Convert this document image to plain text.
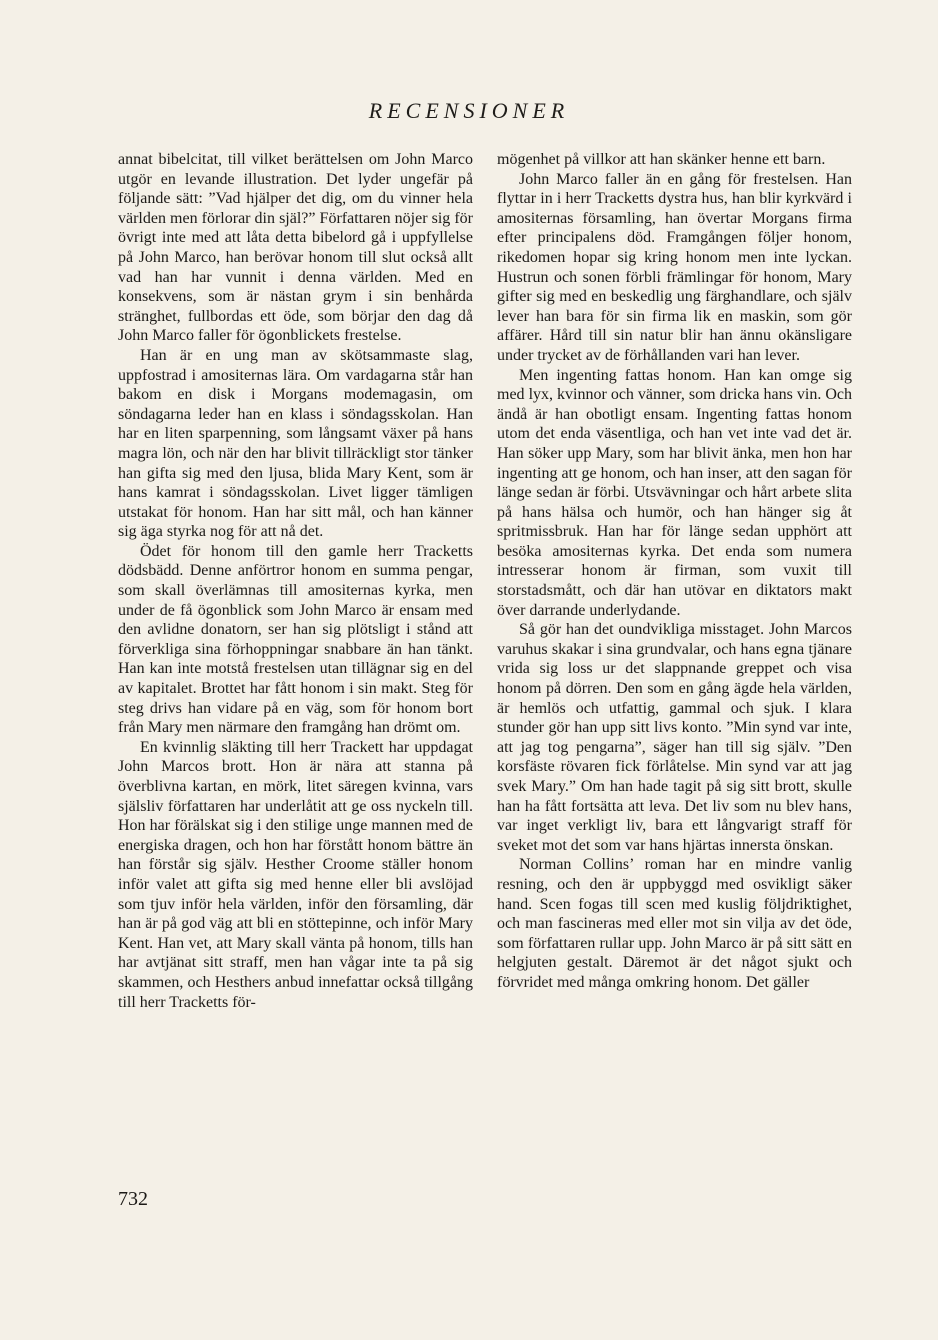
RECENSIONER

annat bibelcitat, till vilket berättelsen om John Marco utgör en levande illustration. Det lyder ungefär på följande sätt: ”Vad hjälper det dig, om du vinner hela världen men förlorar din själ?” Författaren nöjer sig för övrigt inte med att låta detta bibelord gå i uppfyllelse på John Marco, han berövar honom till slut också allt vad han har vunnit i denna världen. Med en konsekvens, som är nästan grym i sin benhårda stränghet, fullbordas ett öde, som börjar den dag då John Marco faller för ögonblickets frestelse.

Han är en ung man av skötsammaste slag, uppfostrad i amositernas lära. Om vardagarna står han bakom en disk i Morgans modemagasin, om söndagarna leder han en klass i söndagsskolan. Han har en liten sparpenning, som långsamt växer på hans magra lön, och när den har blivit tillräckligt stor tänker han gifta sig med den ljusa, blida Mary Kent, som är hans kamrat i söndagsskolan. Livet ligger tämligen utstakat för honom. Han har sitt mål, och han känner sig äga styrka nog för att nå det.

Ödet för honom till den gamle herr Tracketts dödsbädd. Denne anförtror honom en summa pengar, som skall överlämnas till amositernas kyrka, men under de få ögonblick som John Marco är ensam med den avlidne donatorn, ser han sig plötsligt i stånd att förverkliga sina förhoppningar snabbare än han tänkt. Han kan inte motstå frestelsen utan tillägnar sig en del av kapitalet. Brottet har fått honom i sin makt. Steg för steg drivs han vidare på en väg, som för honom bort från Mary men närmare den framgång han drömt om.

En kvinnlig släkting till herr Trackett har uppdagat John Marcos brott. Hon är nära att stanna på överblivna kartan, en mörk, litet säregen kvinna, vars själsliv författaren har underlåtit att ge oss nyckeln till. Hon har förälskat sig i den stilige unge mannen med de energiska dragen, och hon har förstått honom bättre än han förstår sig själv. Hesther Croome ställer honom inför valet att gifta sig med henne eller bli avslöjad som tjuv inför hela världen, inför den församling, där han är på god väg att bli en stöttepinne, och inför Mary Kent. Han vet, att Mary skall vänta på honom, tills han har avtjänat sitt straff, men han vågar inte ta på sig skammen, och Hesthers anbud innefattar också tillgång till herr Tracketts för-

mögenhet på villkor att han skänker henne ett barn.

John Marco faller än en gång för frestelsen. Han flyttar in i herr Tracketts dystra hus, han blir kyrkvärd i amositernas församling, han övertar Morgans firma efter principalens död. Framgången följer honom, rikedomen hopar sig kring honom men inte lyckan. Hustrun och sonen förbli främlingar för honom, Mary gifter sig med en beskedlig ung färghandlare, och själv lever han bara för sin firma lik en maskin, som gör affärer. Hård till sin natur blir han ännu okänsligare under trycket av de förhållanden vari han lever.

Men ingenting fattas honom. Han kan omge sig med lyx, kvinnor och vänner, som dricka hans vin. Och ändå är han obotligt ensam. Ingenting fattas honom utom det enda väsentliga, och han vet inte vad det är. Han söker upp Mary, som har blivit änka, men hon har ingenting att ge honom, och han inser, att den sagan för länge sedan är förbi. Utsvävningar och hårt arbete slita på hans hälsa och humör, och han hänger sig åt spritmissbruk. Han har för länge sedan upphört att besöka amositernas kyrka. Det enda som numera intresserar honom är firman, som vuxit till storstadsmått, och där han utövar en diktators makt över darrande underlydande.

Så gör han det oundvikliga misstaget. John Marcos varuhus skakar i sina grundvalar, och hans egna tjänare vrida sig loss ur det slappnande greppet och visa honom på dörren. Den som en gång ägde hela världen, är hemlös och utfattig, gammal och sjuk. I klara stunder gör han upp sitt livs konto. ”Min synd var inte, att jag tog pengarna”, säger han till sig själv. ”Den korsfäste rövaren fick förlåtelse. Min synd var att jag svek Mary.” Om han hade tagit på sig sitt brott, skulle han ha fått fortsätta att leva. Det liv som nu blev hans, var inget verkligt liv, bara ett långvarigt straff för sveket mot det som var hans hjärtas innersta önskan.

Norman Collins’ roman har en mindre vanlig resning, och den är uppbyggd med osvikligt säker hand. Scen fogas till scen med kuslig följdriktighet, och man fascineras med eller mot sin vilja av det öde, som författaren rullar upp. John Marco är på sitt sätt en helgjuten gestalt. Däremot är det något sjukt och förvridet med många omkring honom. Det gäller

732
